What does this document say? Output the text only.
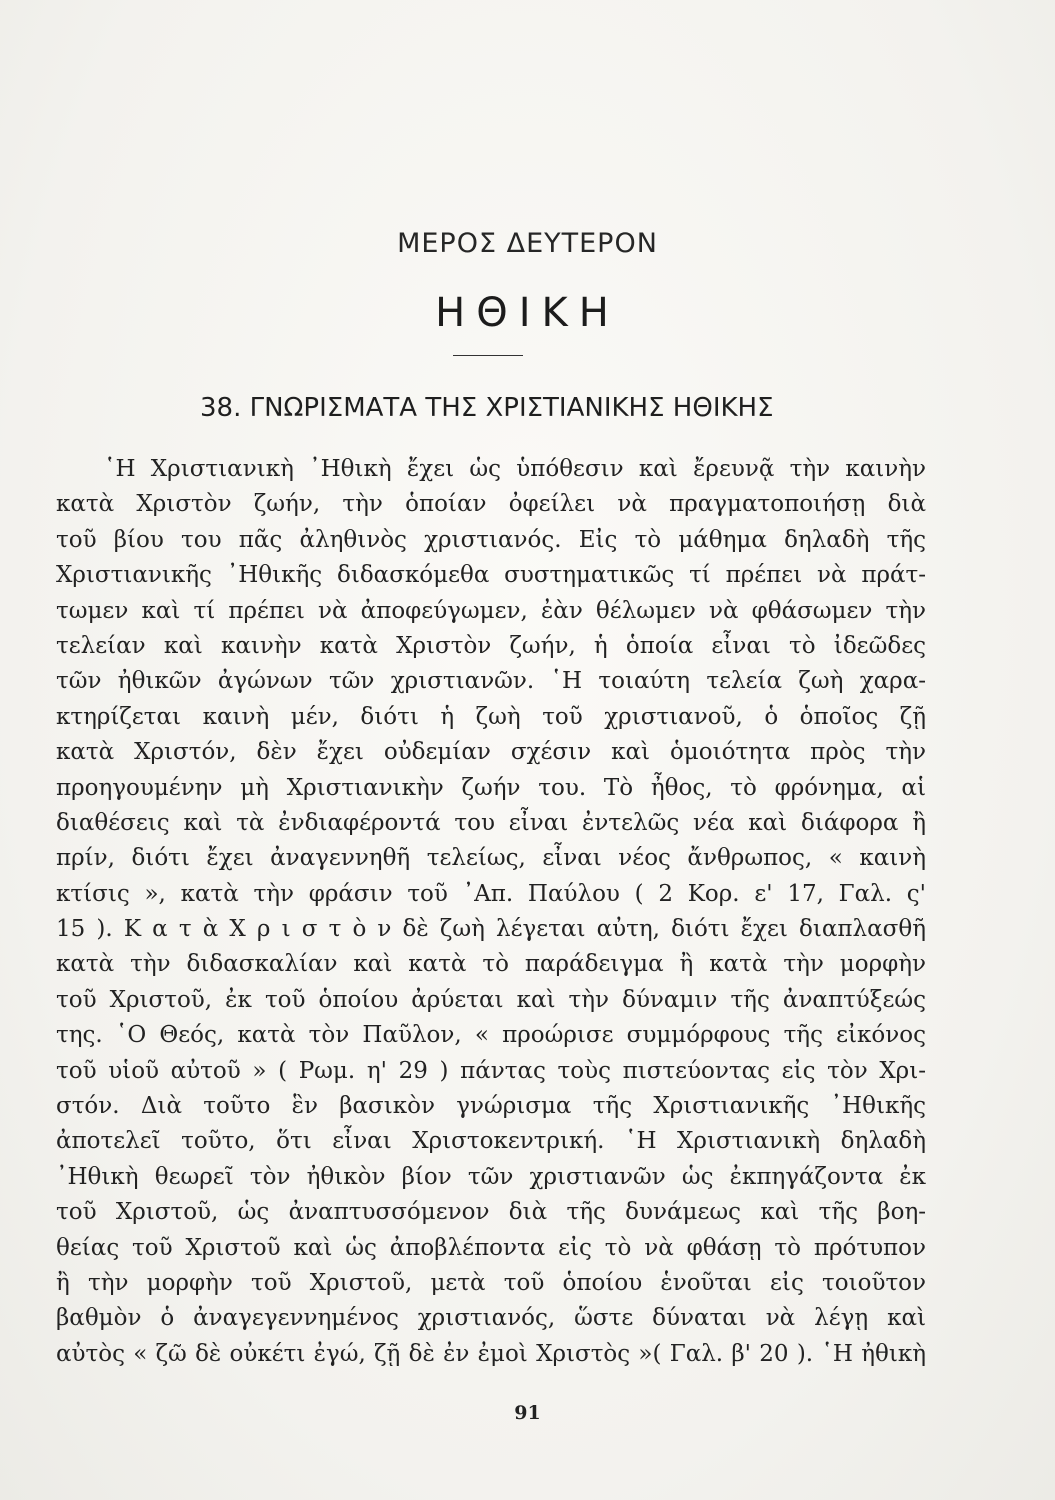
ΜΕΡΟΣ ΔΕΥΤΕΡΟΝ
ΗΘΙΚΗ
38. ΓΝΩΡΙΣΜΑΤΑ ΤΗΣ ΧΡΙΣΤΙΑΝΙΚΗΣ ΗΘΙΚΗΣ
῾Η Χριστιανικὴ ᾿Ηθικὴ ἔχει ὡς ὑπόθεσιν καὶ ἔρευνᾷ τὴν καινὴν
κατὰ Χριστὸν ζωήν, τὴν ὁποίαν ὀφείλει νὰ πραγματοποιήσῃ διὰ
τοῦ βίου του πᾶς ἀληθινὸς χριστιανός. Εἰς τὸ μάθημα δηλαδὴ τῆς
Χριστιανικῆς ᾿Ηθικῆς διδασκόμεθα συστηματικῶς τί πρέπει νὰ πράτ-
τωμεν καὶ τί πρέπει νὰ ἀποφεύγωμεν, ἐὰν θέλωμεν νὰ φθάσωμεν τὴν
τελείαν καὶ καινὴν κατὰ Χριστὸν ζωήν, ἡ ὁποία εἶναι τὸ ἰδεῶδες
τῶν ἠθικῶν ἀγώνων τῶν χριστιανῶν. ῾Η τοιαύτη τελεία ζωὴ χαρα-
κτηρίζεται καινὴ μέν, διότι ἡ ζωὴ τοῦ χριστιανοῦ, ὁ ὁποῖος ζῇ
κατὰ Χριστόν, δὲν ἔχει οὐδεμίαν σχέσιν καὶ ὁμοιότητα πρὸς τὴν
προηγουμένην μὴ Χριστιανικὴν ζωήν του. Τὸ ἦθος, τὸ φρόνημα, αἱ
διαθέσεις καὶ τὰ ἐνδιαφέροντά του εἶναι ἐντελῶς νέα καὶ διάφορα ἢ
πρίν, διότι ἔχει ἀναγεννηθῆ τελείως, εἶναι νέος ἄνθρωπος, « καινὴ
κτίσις », κατὰ τὴν φράσιν τοῦ ᾿Απ. Παύλου ( 2 Κορ. ε' 17, Γαλ. ς'
15 ). Κ α τ ὰ Χ ρ ι σ τ ὸ ν δὲ ζωὴ λέγεται αὐτη, διότι ἔχει διαπλασθῆ
κατὰ τὴν διδασκαλίαν καὶ κατὰ τὸ παράδειγμα ἢ κατὰ τὴν μορφὴν
τοῦ Χριστοῦ, ἐκ τοῦ ὁποίου ἀρύεται καὶ τὴν δύναμιν τῆς ἀναπτύξεώς
της. ῾Ο Θεός, κατὰ τὸν Παῦλον, « προώρισε συμμόρφους τῆς εἰκόνος
τοῦ υἱοῦ αὐτοῦ » ( Ρωμ. η' 29 ) πάντας τοὺς πιστεύοντας εἰς τὸν Χρι-
στόν. Διὰ τοῦτο ἓν βασικὸν γνώρισμα τῆς Χριστιανικῆς ᾿Ηθικῆς
ἀποτελεῖ τοῦτο, ὅτι εἶναι Χριστοκεντρική. ῾Η Χριστιανικὴ δηλαδὴ
᾿Ηθικὴ θεωρεῖ τὸν ἠθικὸν βίον τῶν χριστιανῶν ὡς ἐκπηγάζοντα ἐκ
τοῦ Χριστοῦ, ὡς ἀναπτυσσόμενον διὰ τῆς δυνάμεως καὶ τῆς βοη-
θείας τοῦ Χριστοῦ καὶ ὡς ἀποβλέποντα εἰς τὸ νὰ φθάσῃ τὸ πρότυπον
ἢ τὴν μορφὴν τοῦ Χριστοῦ, μετὰ τοῦ ὁποίου ἑνοῦται εἰς τοιοῦτον
βαθμὸν ὁ ἀναγεγεννημένος χριστιανός, ὥστε δύναται νὰ λέγῃ καὶ
αὐτὸς « ζῶ δὲ οὐκέτι ἐγώ, ζῇ δὲ ἐν ἐμοὶ Χριστὸς »( Γαλ. β' 20 ). ῾Η ἠθικὴ
91
